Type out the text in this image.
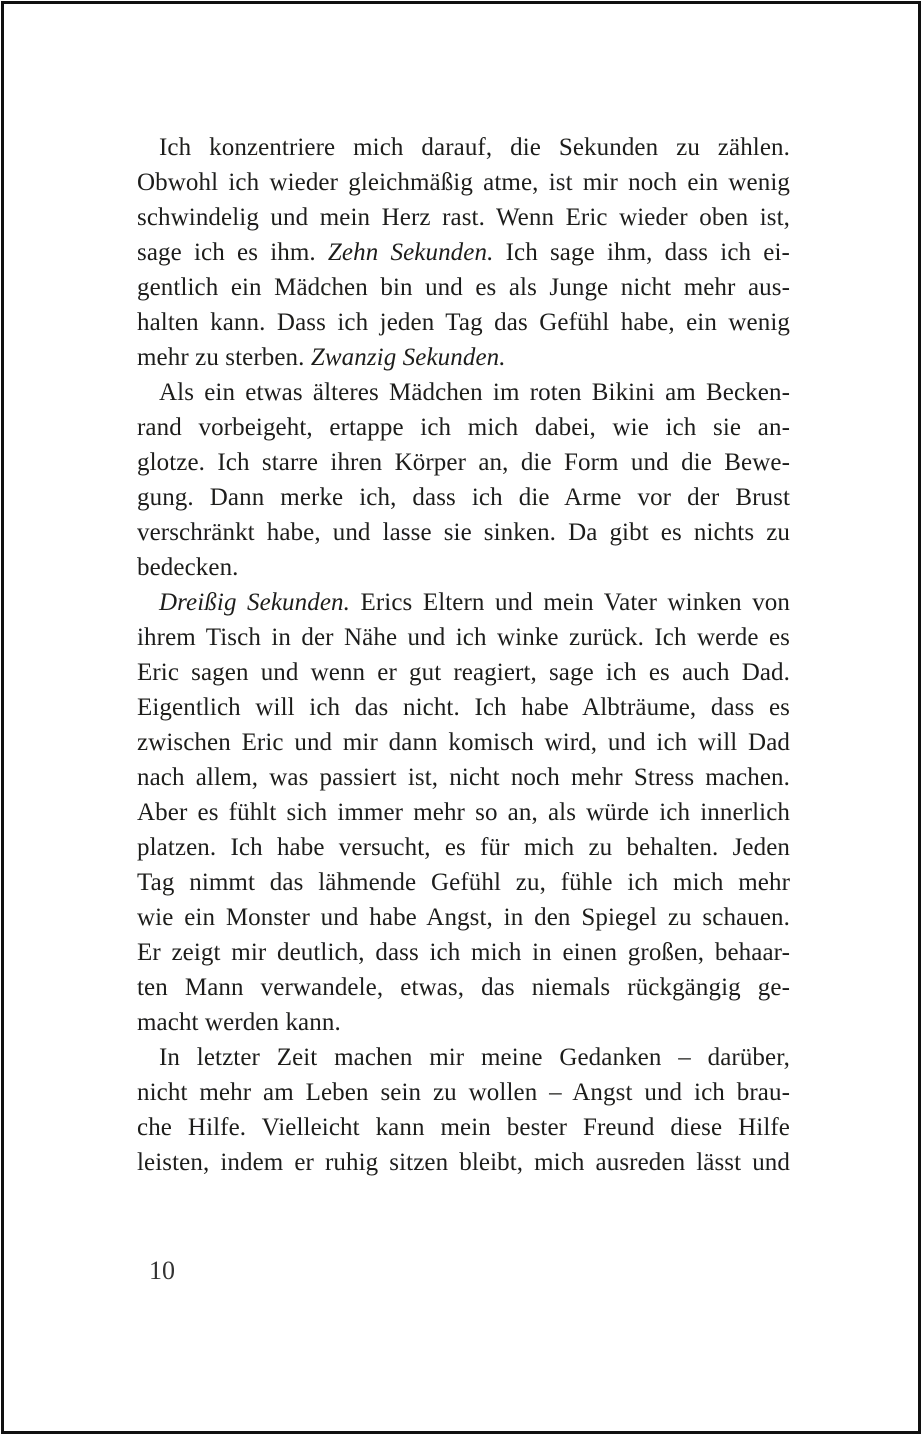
Ich konzentriere mich darauf, die Sekunden zu zählen.
Obwohl ich wieder gleichmäßig atme, ist mir noch ein wenig
schwindelig und mein Herz rast. Wenn Eric wieder oben ist,
sage ich es ihm. Zehn Sekunden. Ich sage ihm, dass ich ei-
gentlich ein Mädchen bin und es als Junge nicht mehr aus-
halten kann. Dass ich jeden Tag das Gefühl habe, ein wenig
mehr zu sterben. Zwanzig Sekunden.
Als ein etwas älteres Mädchen im roten Bikini am Becken-
rand vorbeigeht, ertappe ich mich dabei, wie ich sie an-
glotze. Ich starre ihren Körper an, die Form und die Bewe-
gung. Dann merke ich, dass ich die Arme vor der Brust
verschränkt habe, und lasse sie sinken. Da gibt es nichts zu
bedecken.
Dreißig Sekunden. Erics Eltern und mein Vater winken von
ihrem Tisch in der Nähe und ich winke zurück. Ich werde es
Eric sagen und wenn er gut reagiert, sage ich es auch Dad.
Eigentlich will ich das nicht. Ich habe Albträume, dass es
zwischen Eric und mir dann komisch wird, und ich will Dad
nach allem, was passiert ist, nicht noch mehr Stress machen.
Aber es fühlt sich immer mehr so an, als würde ich innerlich
platzen. Ich habe versucht, es für mich zu behalten. Jeden
Tag nimmt das lähmende Gefühl zu, fühle ich mich mehr
wie ein Monster und habe Angst, in den Spiegel zu schauen.
Er zeigt mir deutlich, dass ich mich in einen großen, behaar-
ten Mann verwandele, etwas, das niemals rückgängig ge-
macht werden kann.
In letzter Zeit machen mir meine Gedanken – darüber,
nicht mehr am Leben sein zu wollen – Angst und ich brau-
che Hilfe. Vielleicht kann mein bester Freund diese Hilfe
leisten, indem er ruhig sitzen bleibt, mich ausreden lässt und
10
